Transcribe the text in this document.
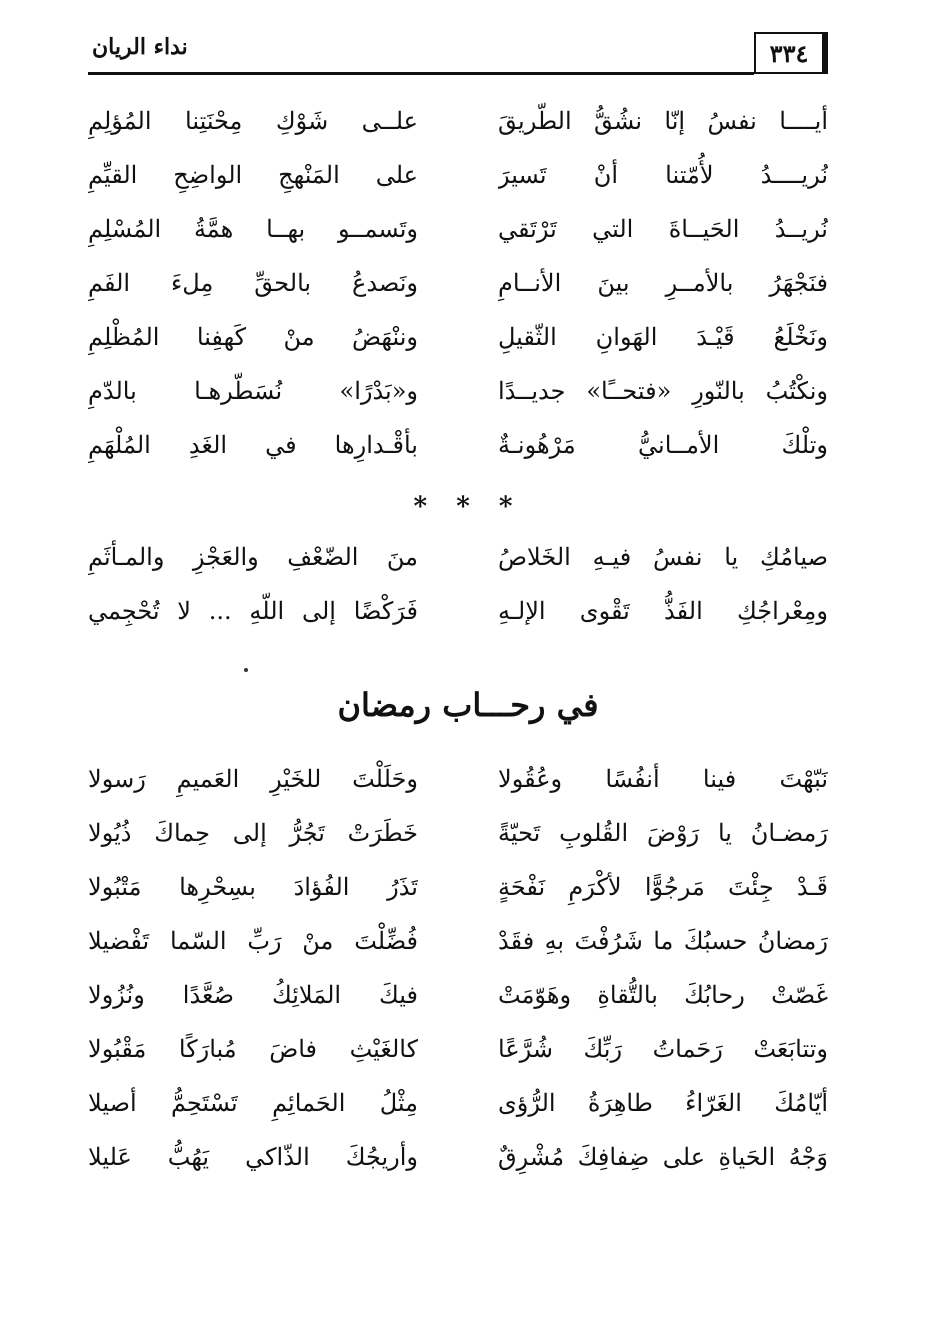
نداء الريان	٣٣٤
أيــــا نفسُ إنّا نشُقُّ الطّريقَ
علــى شَوْكِ مِحْنَتِنا المُؤلِمِ
نُريــــدُ لأُمّتنا أنْ تَسيرَ
على المَنْهجِ الواضِحِ القيِّمِ
نُريــدُ الحَيــاةَ التي تَرْتَقي
وتَسمــو بهــا همَّةُ المُسْلِمِ
فنَجْهَرُ بالأمــرِ بينَ الأنــامِ
ونَصدعُ بالحقِّ مِلءَ الفَمِ
ونَخْلَعُ قَيْـدَ الهَوانِ الثّقيلِ
وننْهَضُ منْ كَهفِنا المُظْلِمِ
ونكْتُبُ بالنّورِ «فتحــًا» جديــدًا
و«بَدْرًا» نُسَطّرهـا بالدّمِ
وتلْكَ الأمــانيُّ مَرْهُونـةٌ
بأقْـدارِها في الغَدِ المُلْهَمِ
* * *
صيامُكِ يا نفسُ فيـهِ الخَلاصُ
منَ الضّعْفِ والعَجْزِ والمـأثَمِ
ومِعْراجُكِ الفَذُّ تَقْوى الإلـهِ
فَرَكْضًا إلى اللّهِ ... لا تُحْجِمي
في رحـــاب رمضان
نَبّهْتَ فينا أنفُسًا وعُقُولا
وحَلَلْتَ للخَيْرِ العَميمِ رَسولا
رَمضـانُ يا رَوْضَ القُلوبِ تَحيّةً
خَطَرَتْ تَجُرُّ إلى حِماكَ ذُيُولا
قَـدْ جِئْتَ مَرجُوًّا لأكْرَمِ نَفْحَةٍ
تَذَرُ الفُؤادَ بسِحْرِها مَتْبُولا
رَمضانُ حسبُكَ ما شَرُفْتَ بهِ فقَدْ
فُضِّلْتَ منْ رَبِّ السّما تَفْضيلا
غَصّتْ رحابُكَ بالتُّقاةِ وهَوّمَتْ
فيكَ المَلائِكُ صُعَّدًا ونُزُولا
وتتابَعَتْ رَحَماتُ رَبِّكَ شُرَّعًا
كالغَيْثِ فاضَ مُبارَكًا مَقْبُولا
أيّامُكَ الغَرّاءُ طاهِرَةُ الرُّؤى
مِثْلُ الحَمائِمِ تَسْتَحِمُّ أصيلا
وَجْهُ الحَياةِ على ضِفافِكَ مُشْرِقٌ
وأريجُكَ الذّاكي يَهُبُّ عَليلا
